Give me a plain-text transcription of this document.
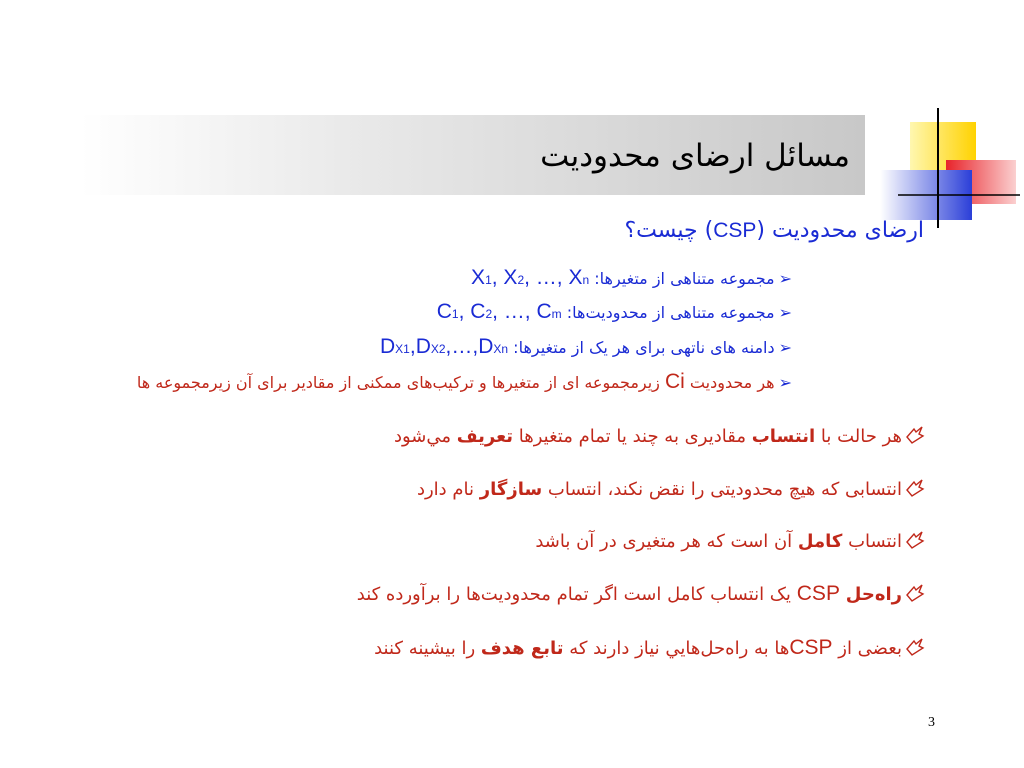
مسائل ارضای محدودیت
ارضای محدودیت (CSP) چیست؟
➢مجموعه متناهی از متغیرها: X1, X2, …, Xn
➢مجموعه متناهی از محدودیت‌ها: C1, C2, …, Cm
➢دامنه های ناتهی برای هر یک از متغیرها: DX1,DX2,…,DXn
➢هر محدودیت Ci زیرمجموعه ای از متغیرها و ترکیب‌های ممکنی از مقادیر برای آن زیرمجموعه ها
هر حالت با انتساب مقادیری به چند یا تمام متغیرها تعریف مي‌شود
انتسابی که هیچ محدودیتی را نقض نکند، انتساب سازگار نام دارد
انتساب کامل آن است که هر متغیری در آن باشد
راه‌حل CSP یک انتساب کامل است اگر تمام محدودیت‌ها را برآورده کند
بعضی از CSPها به راه‌حل‌هايي نياز دارند که تابع هدف را بیشینه کنند
3
